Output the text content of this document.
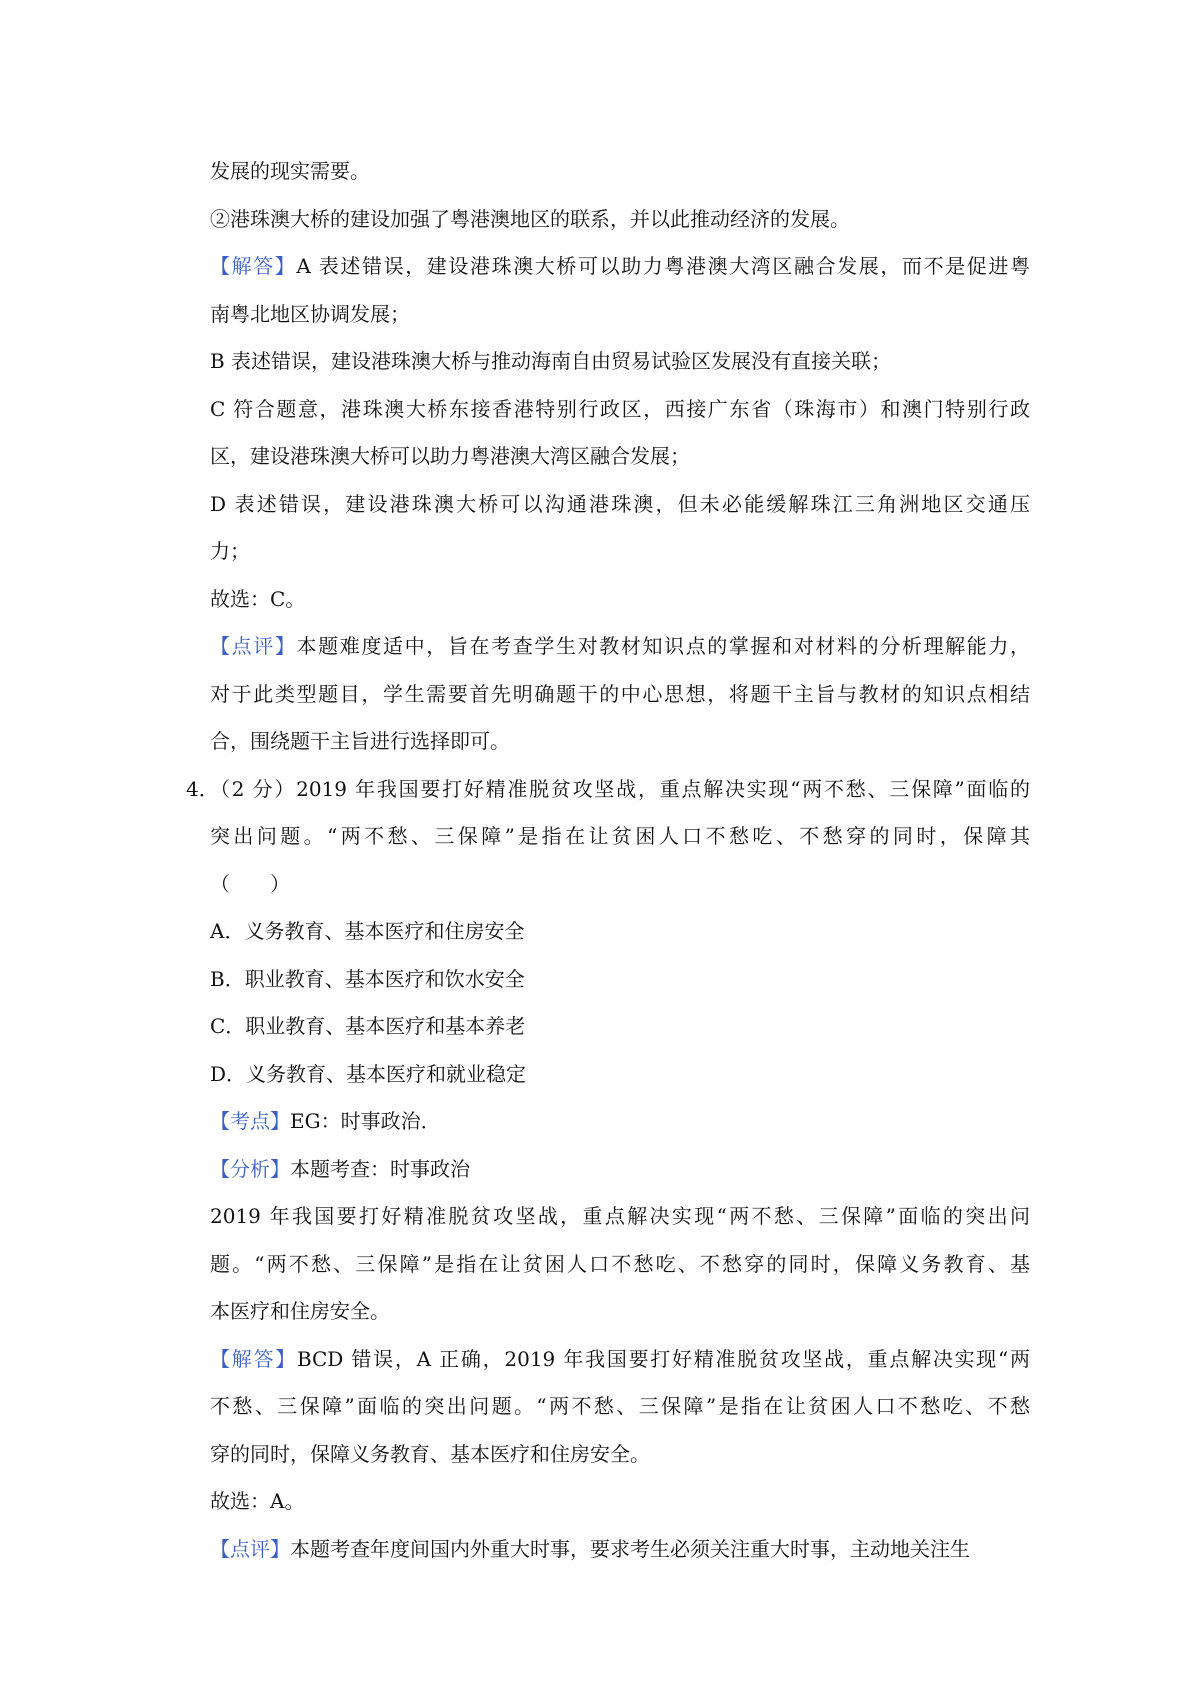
发展的现实需要。
②港珠澳大桥的建设加强了粤港澳地区的联系，并以此推动经济的发展。
【解答】A 表述错误，建设港珠澳大桥可以助力粤港澳大湾区融合发展，而不是促进粤
南粤北地区协调发展；
B 表述错误，建设港珠澳大桥与推动海南自由贸易试验区发展没有直接关联；
C 符合题意，港珠澳大桥东接香港特别行政区，西接广东省（珠海市）和澳门特别行政
区，建设港珠澳大桥可以助力粤港澳大湾区融合发展；
D 表述错误，建设港珠澳大桥可以沟通港珠澳，但未必能缓解珠江三角洲地区交通压
力；
故选：C。
【点评】本题难度适中，旨在考查学生对教材知识点的掌握和对材料的分析理解能力，
对于此类型题目，学生需要首先明确题干的中心思想，将题干主旨与教材的知识点相结
合，围绕题干主旨进行选择即可。
4．
（2 分）2019 年我国要打好精准脱贫攻坚战，重点解决实现“两不愁、三保障”面临的
突出问题。“两不愁、三保障”是指在让贫困人口不愁吃、不愁穿的同时，保障其
（　　）
A．义务教育、基本医疗和住房安全
B．职业教育、基本医疗和饮水安全
C．职业教育、基本医疗和基本养老
D．义务教育、基本医疗和就业稳定
【考点】EG：时事政治．
【分析】本题考查：时事政治
2019 年我国要打好精准脱贫攻坚战，重点解决实现“两不愁、三保障”面临的突出问
题。“两不愁、三保障”是指在让贫困人口不愁吃、不愁穿的同时，保障义务教育、基
本医疗和住房安全。
【解答】BCD 错误，A 正确，2019 年我国要打好精准脱贫攻坚战，重点解决实现“两
不愁、三保障”面临的突出问题。“两不愁、三保障”是指在让贫困人口不愁吃、不愁
穿的同时，保障义务教育、基本医疗和住房安全。
故选：A。
【点评】本题考查年度间国内外重大时事，要求考生必须关注重大时事，主动地关注生
